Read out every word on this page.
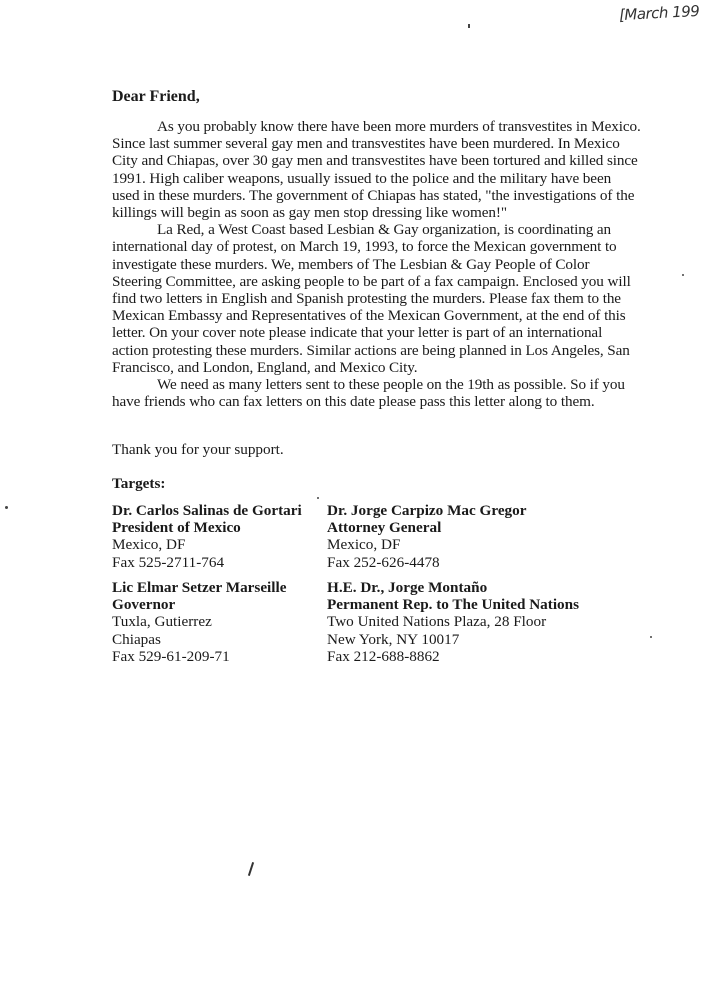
[March 199
Dear Friend,

As you probably know there have been more murders of transvestites in Mexico. Since last summer several gay men and transvestites have been murdered. In Mexico City and Chiapas, over 30 gay men and transvestites have been tortured and killed since 1991. High caliber weapons, usually issued to the police and the military have been used in these murders. The government of Chiapas has stated, "the investigations of the killings will begin as soon as gay men stop dressing like women!"

La Red, a West Coast based Lesbian & Gay organization, is coordinating an international day of protest, on March 19, 1993, to force the Mexican government to investigate these murders. We, members of The Lesbian & Gay People of Color Steering Committee, are asking people to be part of a fax campaign. Enclosed you will find two letters in English and Spanish protesting the murders. Please fax them to the Mexican Embassy and Representatives of the Mexican Government, at the end of this letter. On your cover note please indicate that your letter is part of an international action protesting these murders. Similar actions are being planned in Los Angeles, San Francisco, and London, England, and Mexico City.

We need as many letters sent to these people on the 19th as possible. So if you have friends who can fax letters on this date please pass this letter along to them.

Thank you for your support.
Targets:
Dr. Carlos Salinas de Gortari
President of Mexico
Mexico, DF
Fax 525-2711-764
Dr. Jorge Carpizo Mac Gregor
Attorney General
Mexico, DF
Fax 252-626-4478
Lic Elmar Setzer Marseille
Governor
Tuxla, Gutierrez
Chiapas
Fax 529-61-209-71
H.E. Dr., Jorge Montaño
Permanent Rep. to The United Nations
Two United Nations Plaza, 28 Floor
New York, NY 10017
Fax 212-688-8862
